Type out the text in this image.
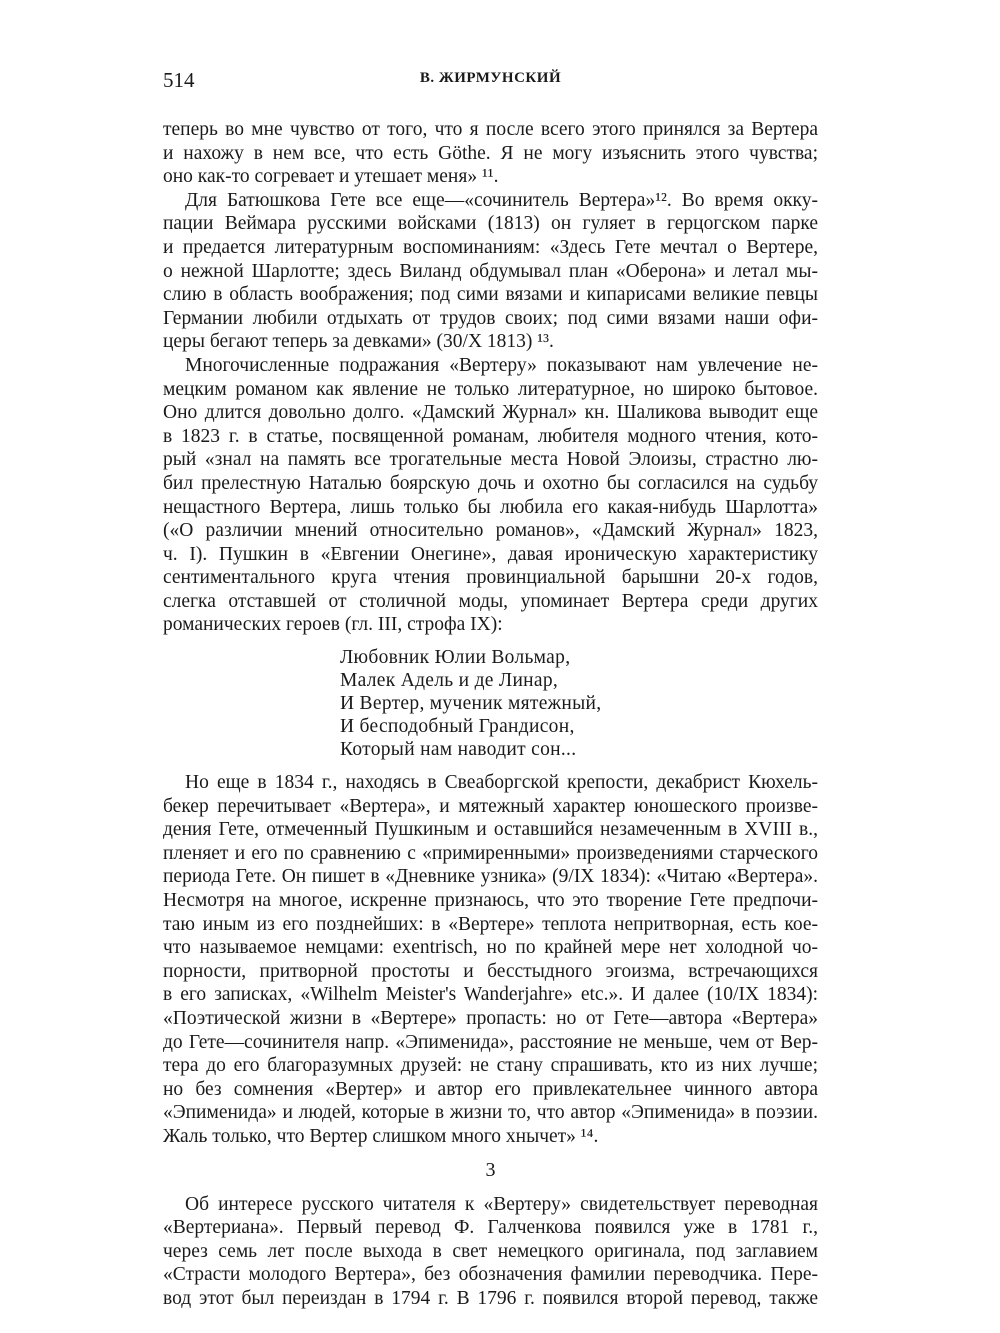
514	В. ЖИРМУНСКИЙ
теперь во мне чувство от того, что я после всего этого принялся за Вертера
и нахожу в нем все, что есть Göthe. Я не могу изъяснить этого чувства;
оно как-то согревает и утешает меня» ¹¹.
Для Батюшкова Гете все еще—«сочинитель Вертера»¹². Во время окку-
пации Веймара русскими войсками (1813) он гуляет в герцогском парке
и предается литературным воспоминаниям: «Здесь Гете мечтал о Вертере,
о нежной Шарлотте; здесь Виланд обдумывал план «Оберона» и летал мы-
слию в область воображения; под сими вязами и кипарисами великие певцы
Германии любили отдыхать от трудов своих; под сими вязами наши офи-
церы бегают теперь за девками» (30/X 1813) ¹³.
Многочисленные подражания «Вертеру» показывают нам увлечение не-
мецким романом как явление не только литературное, но широко бытовое.
Оно длится довольно долго. «Дамский Журнал» кн. Шаликова выводит еще
в 1823 г. в статье, посвященной романам, любителя модного чтения, кото-
рый «знал на память все трогательные места Новой Элоизы, страстно лю-
бил прелестную Наталью боярскую дочь и охотно бы согласился на судьбу
нещастного Вертера, лишь только бы любила его какая-нибудь Шарлотта»
(«О различии мнений относительно романов», «Дамский Журнал» 1823,
ч. I). Пушкин в «Евгении Онегине», давая ироническую характеристику
сентиментального круга чтения провинциальной барышни 20-х годов,
слегка отставшей от столичной моды, упоминает Вертера среди других
романических героев (гл. III, строфа IX):
Любовник Юлии Вольмар,
Малек Адель и де Линар,
И Вертер, мученик мятежный,
И бесподобный Грандисон,
Который нам наводит сон...
Но еще в 1834 г., находясь в Свеаборгской крепости, декабрист Кюхель-
бекер перечитывает «Вертера», и мятежный характер юношеского произве-
дения Гете, отмеченный Пушкиным и оставшийся незамеченным в XVIII в.,
пленяет и его по сравнению с «примиренными» произведениями старческого
периода Гете. Он пишет в «Дневнике узника» (9/IX 1834): «Читаю «Вертера».
Несмотря на многое, искренне признаюсь, что это творение Гете предпочи-
таю иным из его позднейших: в «Вертере» теплота непритворная, есть кое-
что называемое немцами: exentrisch, но по крайней мере нет холодной чо-
порности, притворной простоты и бесстыдного эгоизма, встречающихся
в его записках, «Wilhelm Meister's Wanderjahre» etc.». И далее (10/IX 1834):
«Поэтической жизни в «Вертере» пропасть: но от Гете—автора «Вертера»
до Гете—сочинителя напр. «Эпименида», расстояние не меньше, чем от Вер-
тера до его благоразумных друзей: не стану спрашивать, кто из них лучше;
но без сомнения «Вертер» и автор его привлекательнее чинного автора
«Эпименида» и людей, которые в жизни то, что автор «Эпименида» в поэзии.
Жаль только, что Вертер слишком много хнычет» ¹⁴.
3
Об интересе русского читателя к «Вертеру» свидетельствует переводная
«Вертериана». Первый перевод Ф. Галченкова появился уже в 1781 г.,
через семь лет после выхода в свет немецкого оригинала, под заглавием
«Страсти молодого Вертера», без обозначения фамилии переводчика. Пере-
вод этот был переиздан в 1794 г. В 1796 г. появился второй перевод, также
